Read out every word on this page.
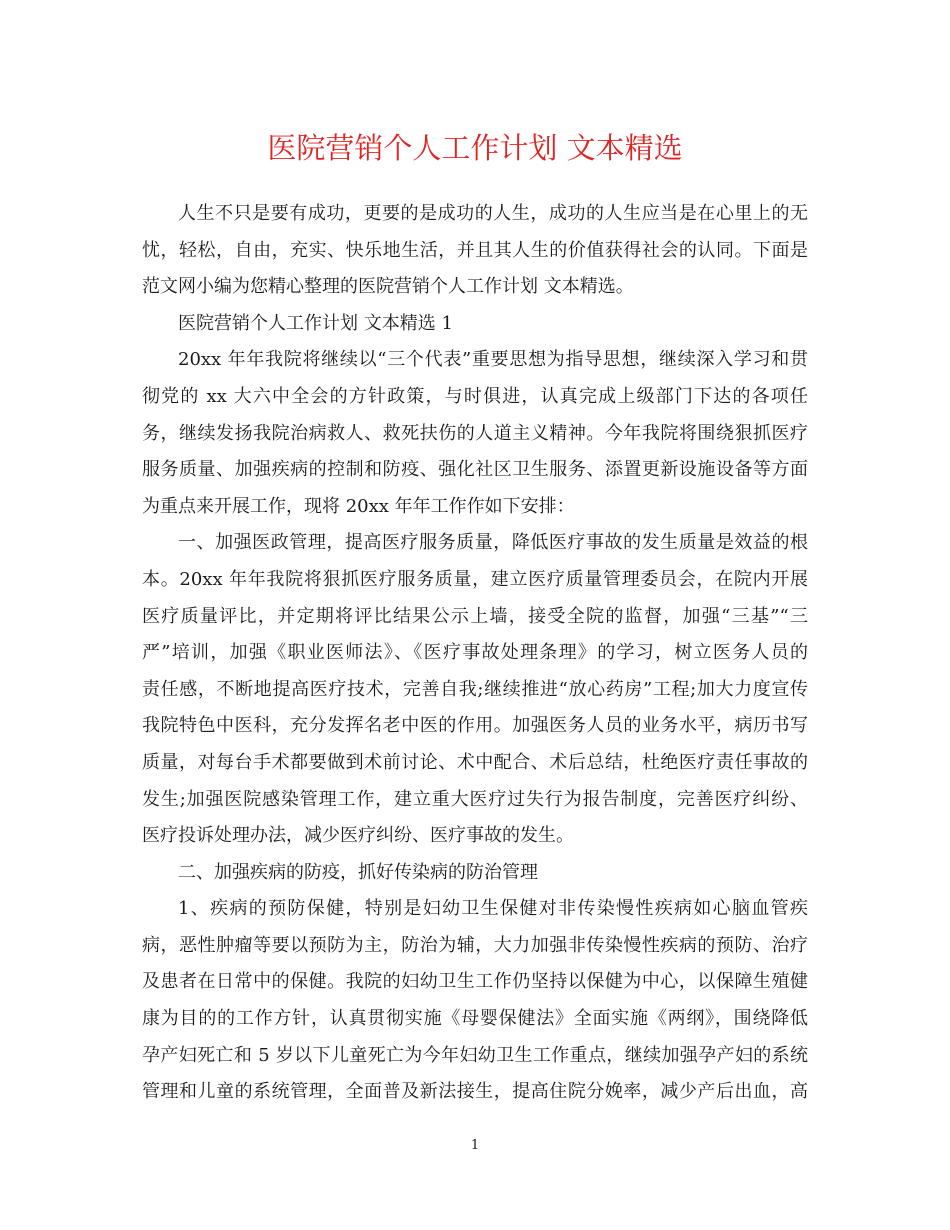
医院营销个人工作计划 文本精选
人生不只是要有成功，更要的是成功的人生，成功的人生应当是在心里上的无
忧，轻松，自由，充实、快乐地生活，并且其人生的价值获得社会的认同。下面是
范文网小编为您精心整理的医院营销个人工作计划 文本精选。
医院营销个人工作计划 文本精选 1
20xx 年年我院将继续以“三个代表”重要思想为指导思想，继续深入学习和贯
彻党的 xx 大六中全会的方针政策，与时俱进，认真完成上级部门下达的各项任
务，继续发扬我院治病救人、救死扶伤的人道主义精神。今年我院将围绕狠抓医疗
服务质量、加强疾病的控制和防疫、强化社区卫生服务、添置更新设施设备等方面
为重点来开展工作，现将 20xx 年年工作作如下安排：
一、加强医政管理，提高医疗服务质量，降低医疗事故的发生质量是效益的根
本。20xx 年年我院将狠抓医疗服务质量，建立医疗质量管理委员会，在院内开展
医疗质量评比，并定期将评比结果公示上墙，接受全院的监督，加强“三基”“三
严”培训，加强《职业医师法》、《医疗事故处理条理》的学习，树立医务人员的
责任感，不断地提高医疗技术，完善自我;继续推进“放心药房”工程;加大力度宣传
我院特色中医科，充分发挥名老中医的作用。加强医务人员的业务水平，病历书写
质量，对每台手术都要做到术前讨论、术中配合、术后总结，杜绝医疗责任事故的
发生;加强医院感染管理工作，建立重大医疗过失行为报告制度，完善医疗纠纷、
医疗投诉处理办法，减少医疗纠纷、医疗事故的发生。
二、加强疾病的防疫，抓好传染病的防治管理
1、疾病的预防保健，特别是妇幼卫生保健对非传染慢性疾病如心脑血管疾
病，恶性肿瘤等要以预防为主，防治为辅，大力加强非传染慢性疾病的预防、治疗
及患者在日常中的保健。我院的妇幼卫生工作仍坚持以保健为中心，以保障生殖健
康为目的的工作方针，认真贯彻实施《母婴保健法》全面实施《两纲》，围绕降低
孕产妇死亡和 5 岁以下儿童死亡为今年妇幼卫生工作重点，继续加强孕产妇的系统
管理和儿童的系统管理，全面普及新法接生，提高住院分娩率，减少产后出血，高
1
